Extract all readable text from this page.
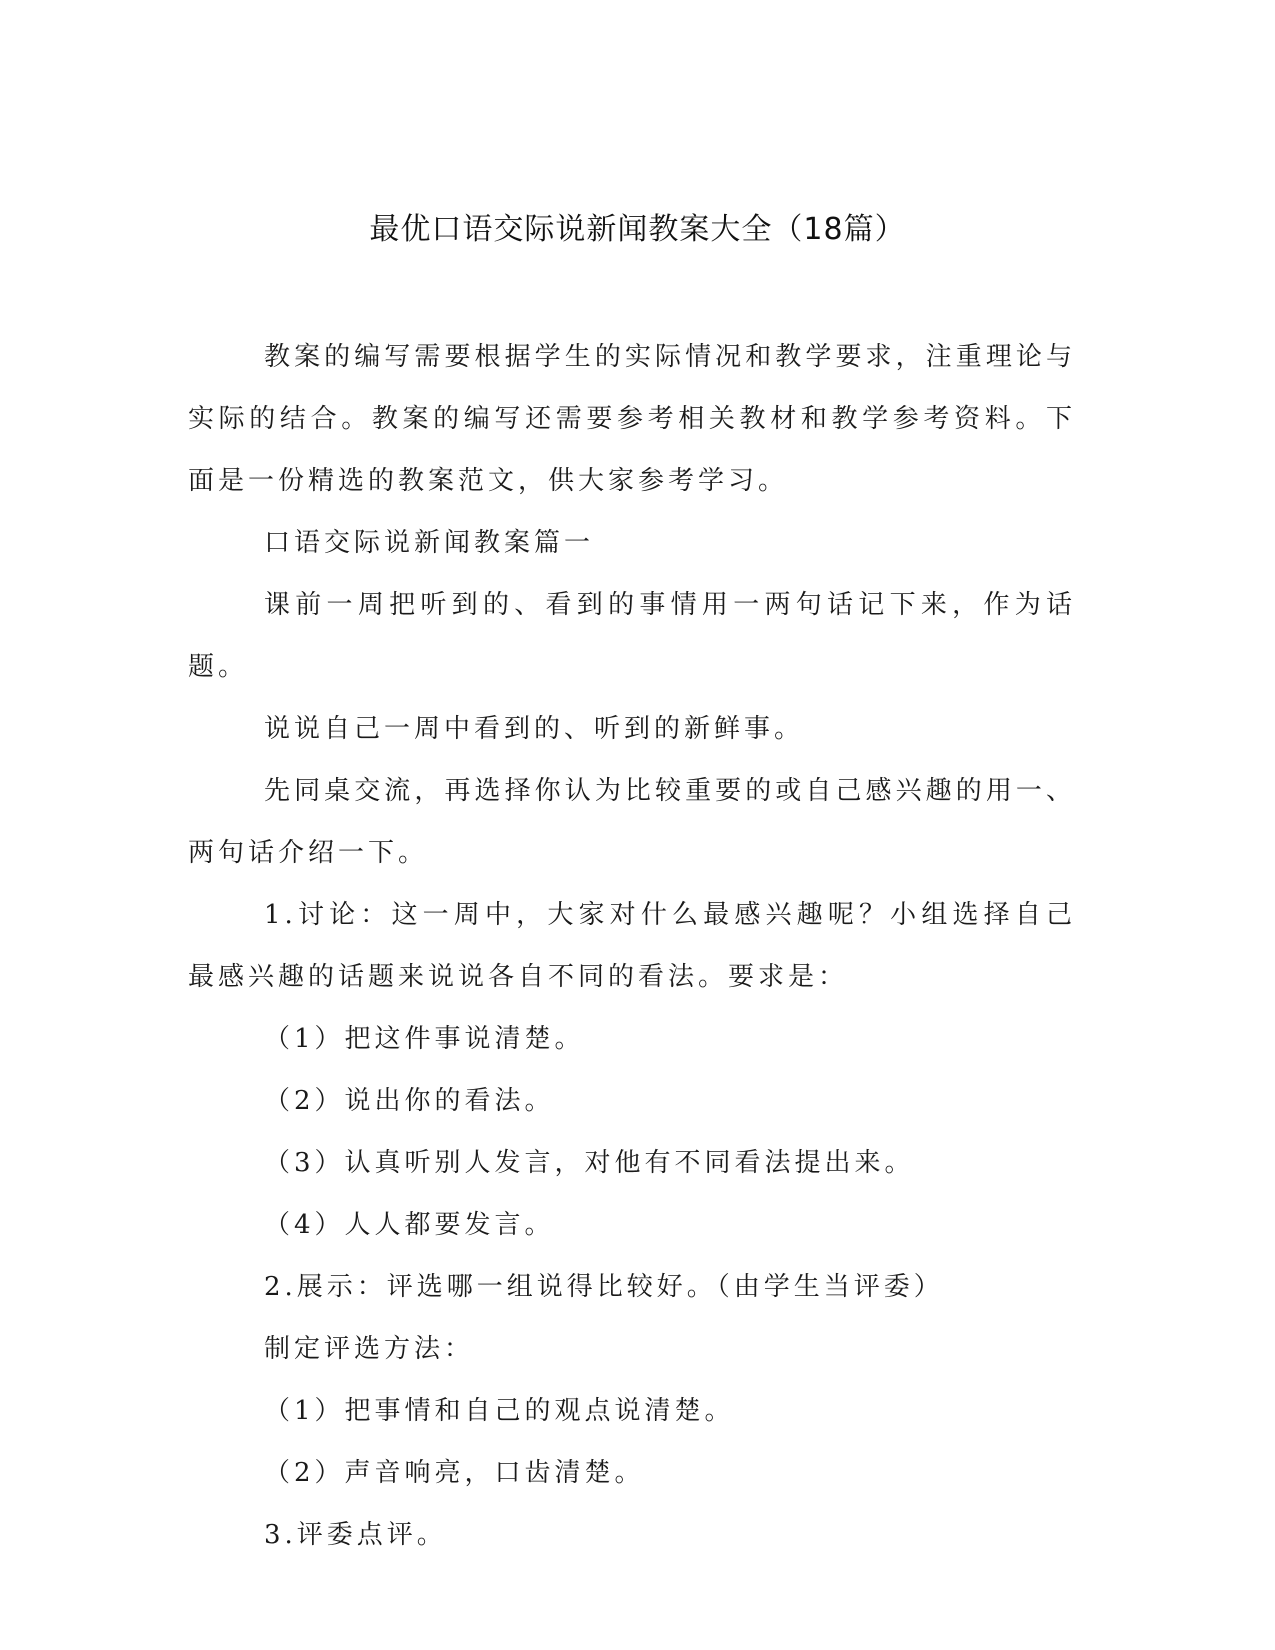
最优口语交际说新闻教案大全（18篇）

教案的编写需要根据学生的实际情况和教学要求，注重理论与实际的结合。教案的编写还需要参考相关教材和教学参考资料。下面是一份精选的教案范文，供大家参考学习。

口语交际说新闻教案篇一

课前一周把听到的、看到的事情用一两句话记下来，作为话题。

说说自己一周中看到的、听到的新鲜事。

先同桌交流，再选择你认为比较重要的或自己感兴趣的用一、两句话介绍一下。

1.讨论：这一周中，大家对什么最感兴趣呢？小组选择自己最感兴趣的话题来说说各自不同的看法。要求是：

（1）把这件事说清楚。

（2）说出你的看法。

（3）认真听别人发言，对他有不同看法提出来。

（4）人人都要发言。

2.展示：评选哪一组说得比较好。（由学生当评委）

制定评选方法：

（1）把事情和自己的观点说清楚。

（2）声音响亮，口齿清楚。

3.评委点评。
